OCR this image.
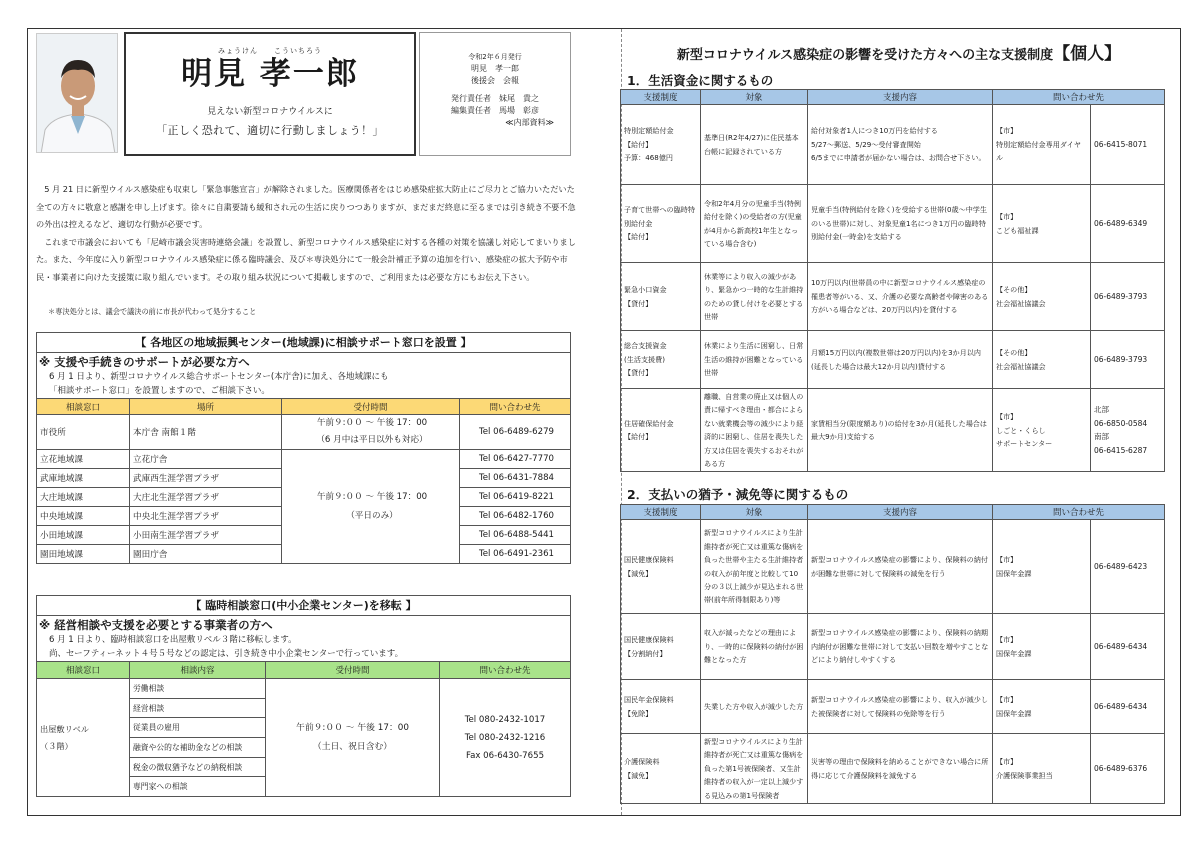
みょうけん　　こういちろう
明見 孝一郎
見えない新型コロナウイルスに
「正しく恐れて、適切に行動しましょう！」
令和2年６月発行
明見　孝一郎
後援会　会報
発行責任者　妹尾　貴之
編集責任者　馬場　彰彦
≪内部資料≫

5 月 21 日に新型ウイルス感染症も収束し「緊急事態宣言」が解除されました。医療関係者をはじめ感染症拡大防止にご尽力とご協力いただいた全ての方々に敬意と感謝を申し上げます。徐々に自粛要請も緩和され元の生活に戻りつつありますが、まだまだ終息に至るまでは引き続き不要不急の外出は控えるなど、適切な行動が必要です。

これまで市議会においても「尼崎市議会災害時連絡会議」を設置し、新型コロナウイルス感染症に対する各種の対策を協議し対応してまいりました。また、今年度に入り新型コロナウイルス感染症に係る臨時議会、及び＊専決処分にて一般会計補正予算の追加を行い、感染症の拡大予防や市民・事業者に向けた支援策に取り組んでいます。その取り組み状況について掲載しますので、ご利用または必要な方にもお伝え下さい。

＊専決処分とは、議会で議決の前に市長が代わって処分すること
【 各地区の地域振興センター(地域課)に相談サポート窓口を設置 】
※ 支援や手続きのサポートが必要な方へ
6 月 1 日より、新型コロナウイルス総合サポートセンター(本庁舎)に加え、各地域課にも
「相談サポート窓口」を設置しますので、ご相談下さい。
相談窓口	場所	受付時間	問い合わせ先
市役所	本庁舎 南館１階	午前９:００ 〜 午後 17：00
（6 月中は平日以外も対応）	Tel 06-6489-6279
立花地域課	立花庁舎	午前９:００ 〜 午後 17：00
（平日のみ）	Tel 06-6427-7770
武庫地域課	武庫西生涯学習プラザ		Tel 06-6431-7884
大庄地域課	大庄北生涯学習プラザ		Tel 06-6419-8221
中央地域課	中央北生涯学習プラザ		Tel 06-6482-1760
小田地域課	小田南生涯学習プラザ		Tel 06-6488-5441
園田地域課	園田庁舎		Tel 06-6491-2361
【 臨時相談窓口(中小企業センター)を移転 】
※ 経営相談や支援を必要とする事業者の方へ
6 月 1 日より、臨時相談窓口を出屋敷リベル３階に移転します。
尚、セーフティーネット４号５号などの認定は、引き続き中小企業センターで行っています。
相談窓口	相談内容	受付時間	問い合わせ先
出屋敷リベル
（３階）	労働相談	午前９:００ 〜 午後 17：00
（土日、祝日含む）	Tel 080-2432-1017
Tel 080-2432-1216
Fax 06-6430-7655
	経営相談		
	従業員の雇用		
	融資や公的な補助金などの相談		
	税金の徴収猶予などの納税相談		
	専門家への相談		
新型コロナウイルス感染症の影響を受けた方々への主な支援制度【個人】
1．生活資金に関するもの
支援制度	対象	支援内容	問い合わせ先	
特別定額給付金
【給付】
予算：468億円	基準日(R2年4/27)に住民基本台帳に記録されている方	給付対象者1人につき10万円を給付する
5/27～郵送、5/29～受付審査開始
6/5までに申請者が届かない場合は、お問合せ下さい。	【市】
特別定額給付金専用ダイヤル	06-6415-8071
子育て世帯への臨時特別給付金
【給付】	令和2年4月分の児童手当(特例給付を除く)の受給者の方(児童が4月から新高校1年生となっている場合含む)	児童手当(特例給付を除く)を受給する世帯(0歳～中学生のいる世帯)に対し、対象児童1名につき1万円の臨時特別給付金(一時金)を支給する	【市】
こども福祉課	06-6489-6349
緊急小口資金
【貸付】	休業等により収入の減少があり、緊急かつ一時的な生計維持のための貸し付けを必要とする世帯	10万円以内(世帯員の中に新型コロナウイルス感染症の罹患者等がいる、又、介護の必要な高齢者や障害のある方がいる場合などは、20万円以内)を貸付する	【その他】
社会福祉協議会	06-6489-3793
総合支援資金
(生活支援費)
【貸付】	休業により生活に困窮し、日常生活の維持が困難となっている世帯	月額15万円以内(複数世帯は20万円以内)を3か月以内(延長した場合は最大12か月以内)貸付する	【その他】
社会福祉協議会	06-6489-3793
住居確保給付金
【給付】	離職、自営業の廃止又は個人の責に帰すべき理由・都合によらない就業機会等の減少により経済的に困窮し、住居を喪失した方又は住居を喪失するおそれがある方	家賃相当分(限度額あり)の給付を3か月(延長した場合は最大9か月)支給する	【市】
しごと・くらし
サポートセンター	北部
06-6850-0584
南部
06-6415-6287
2．支払いの猶予・減免等に関するもの
支援制度	対象	支援内容	問い合わせ先	
国民健康保険料
【減免】	新型コロナウイルスにより生計維持者が死亡又は重篤な傷病を負った世帯や主たる生計維持者の収入が前年度と比較して10分の３以上減少が見込まれる世帯(前年所得制限あり)等	新型コロナウイルス感染症の影響により、保険料の納付が困難な世帯に対して保険料の減免を行う	【市】
国保年金課	06-6489-6423
国民健康保険料
【分割納付】	収入が減ったなどの理由により、一時的に保険料の納付が困難となった方	新型コロナウイルス感染症の影響により、保険料の納期内納付が困難な世帯に対して支払い回数を増やすことなどにより納付しやすくする	【市】
国保年金課	06-6489-6434
国民年金保険料
【免除】	失業した方や収入が減少した方	新型コロナウイルス感染症の影響により、収入が減少した被保険者に対して保険料の免除等を行う	【市】
国保年金課	06-6489-6434
介護保険料
【減免】	新型コロナウイルスにより生計維持者が死亡又は重篤な傷病を負った第1号被保険者、又生計維持者の収入が一定以上減少する見込みの第1号保険者	災害等の理由で保険料を納めることができない場合に所得に応じて介護保険料を減免する	【市】
介護保険事業担当	06-6489-6376
